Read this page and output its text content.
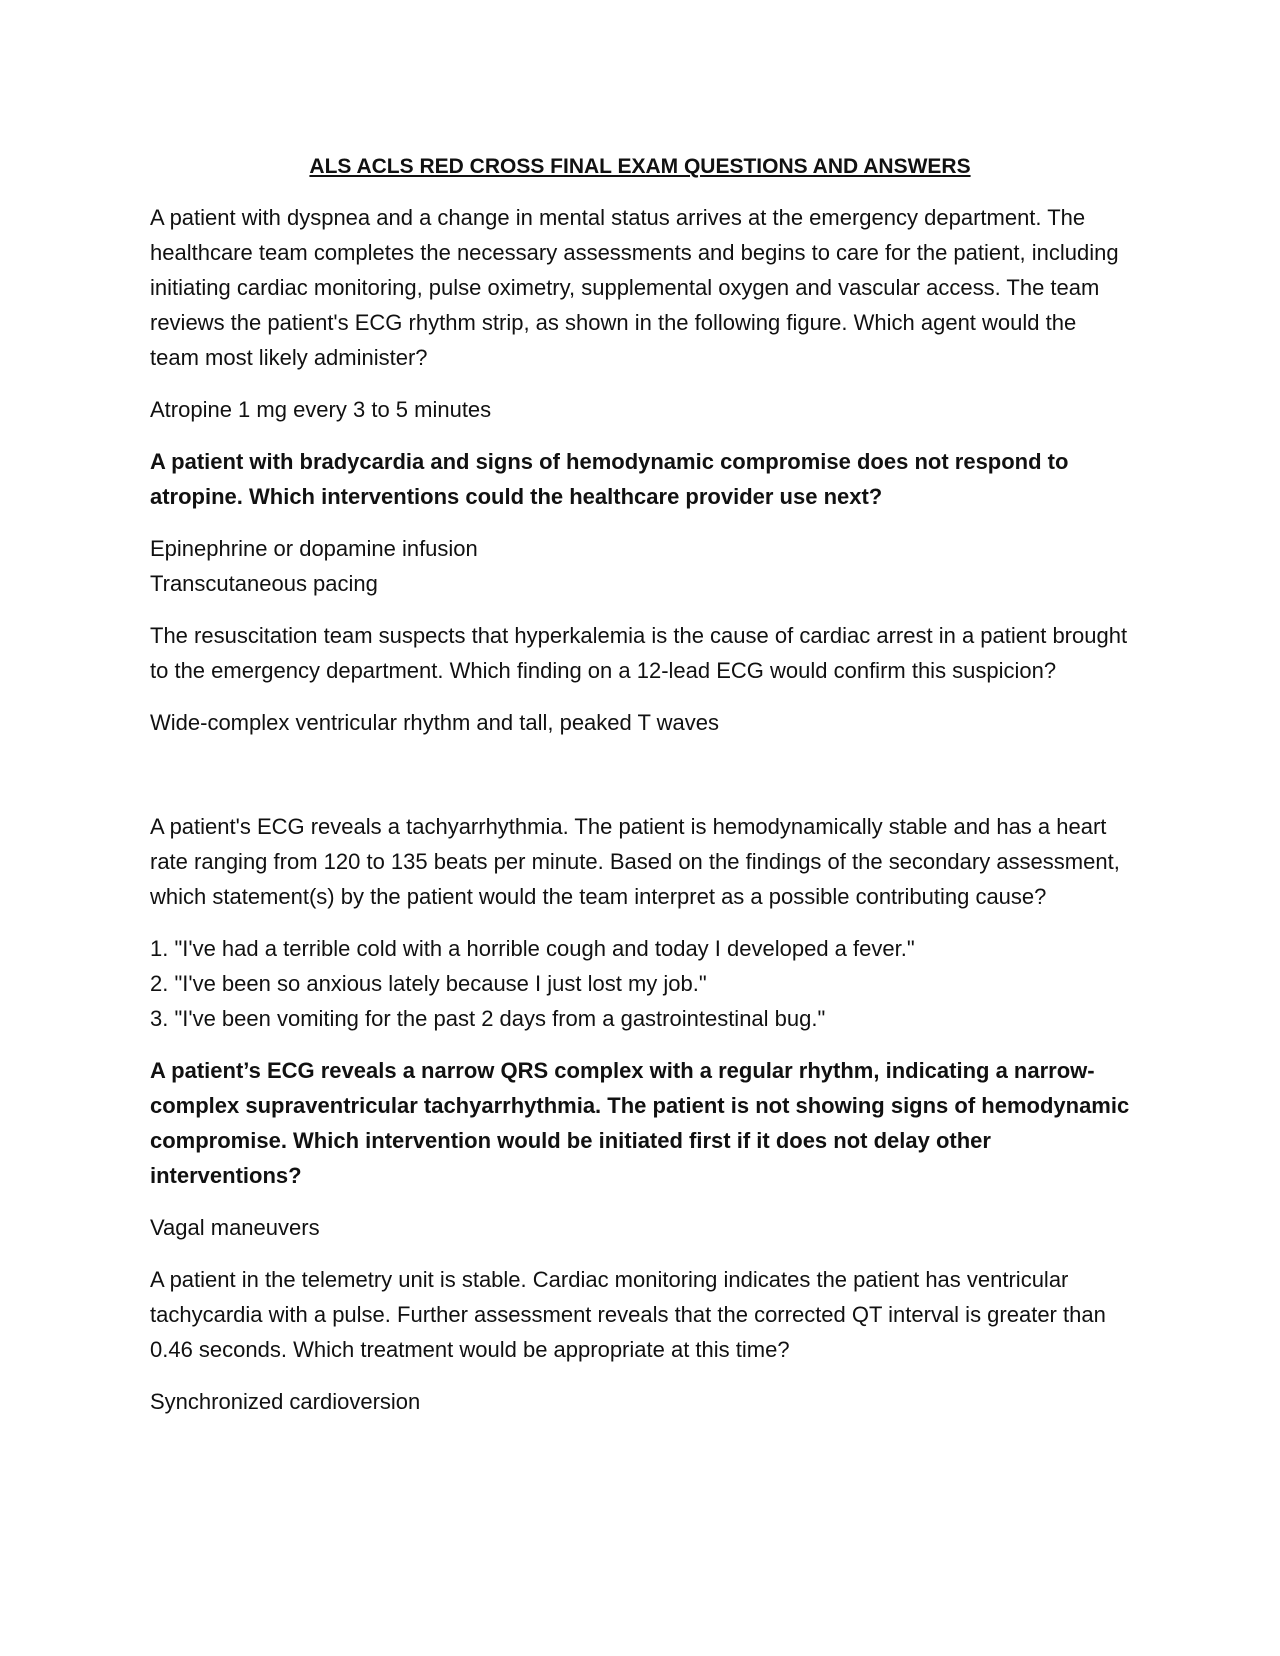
ALS ACLS RED CROSS FINAL EXAM QUESTIONS AND ANSWERS

A patient with dyspnea and a change in mental status arrives at the emergency department. The healthcare team completes the necessary assessments and begins to care for the patient, including initiating cardiac monitoring, pulse oximetry, supplemental oxygen and vascular access. The team reviews the patient's ECG rhythm strip, as shown in the following figure. Which agent would the team most likely administer?

Atropine 1 mg every 3 to 5 minutes

A patient with bradycardia and signs of hemodynamic compromise does not respond to atropine. Which interventions could the healthcare provider use next?

Epinephrine or dopamine infusion
Transcutaneous pacing

The resuscitation team suspects that hyperkalemia is the cause of cardiac arrest in a patient brought to the emergency department. Which finding on a 12-lead ECG would confirm this suspicion?

Wide-complex ventricular rhythm and tall, peaked T waves

A patient's ECG reveals a tachyarrhythmia. The patient is hemodynamically stable and has a heart rate ranging from 120 to 135 beats per minute. Based on the findings of the secondary assessment, which statement(s) by the patient would the team interpret as a possible contributing cause?

1. "I've had a terrible cold with a horrible cough and today I developed a fever."
2. "I've been so anxious lately because I just lost my job."
3. "I've been vomiting for the past 2 days from a gastrointestinal bug."

A patient’s ECG reveals a narrow QRS complex with a regular rhythm, indicating a narrow-complex supraventricular tachyarrhythmia. The patient is not showing signs of hemodynamic compromise. Which intervention would be initiated first if it does not delay other interventions?

Vagal maneuvers

A patient in the telemetry unit is stable. Cardiac monitoring indicates the patient has ventricular tachycardia with a pulse. Further assessment reveals that the corrected QT interval is greater than 0.46 seconds. Which treatment would be appropriate at this time?

Synchronized cardioversion
